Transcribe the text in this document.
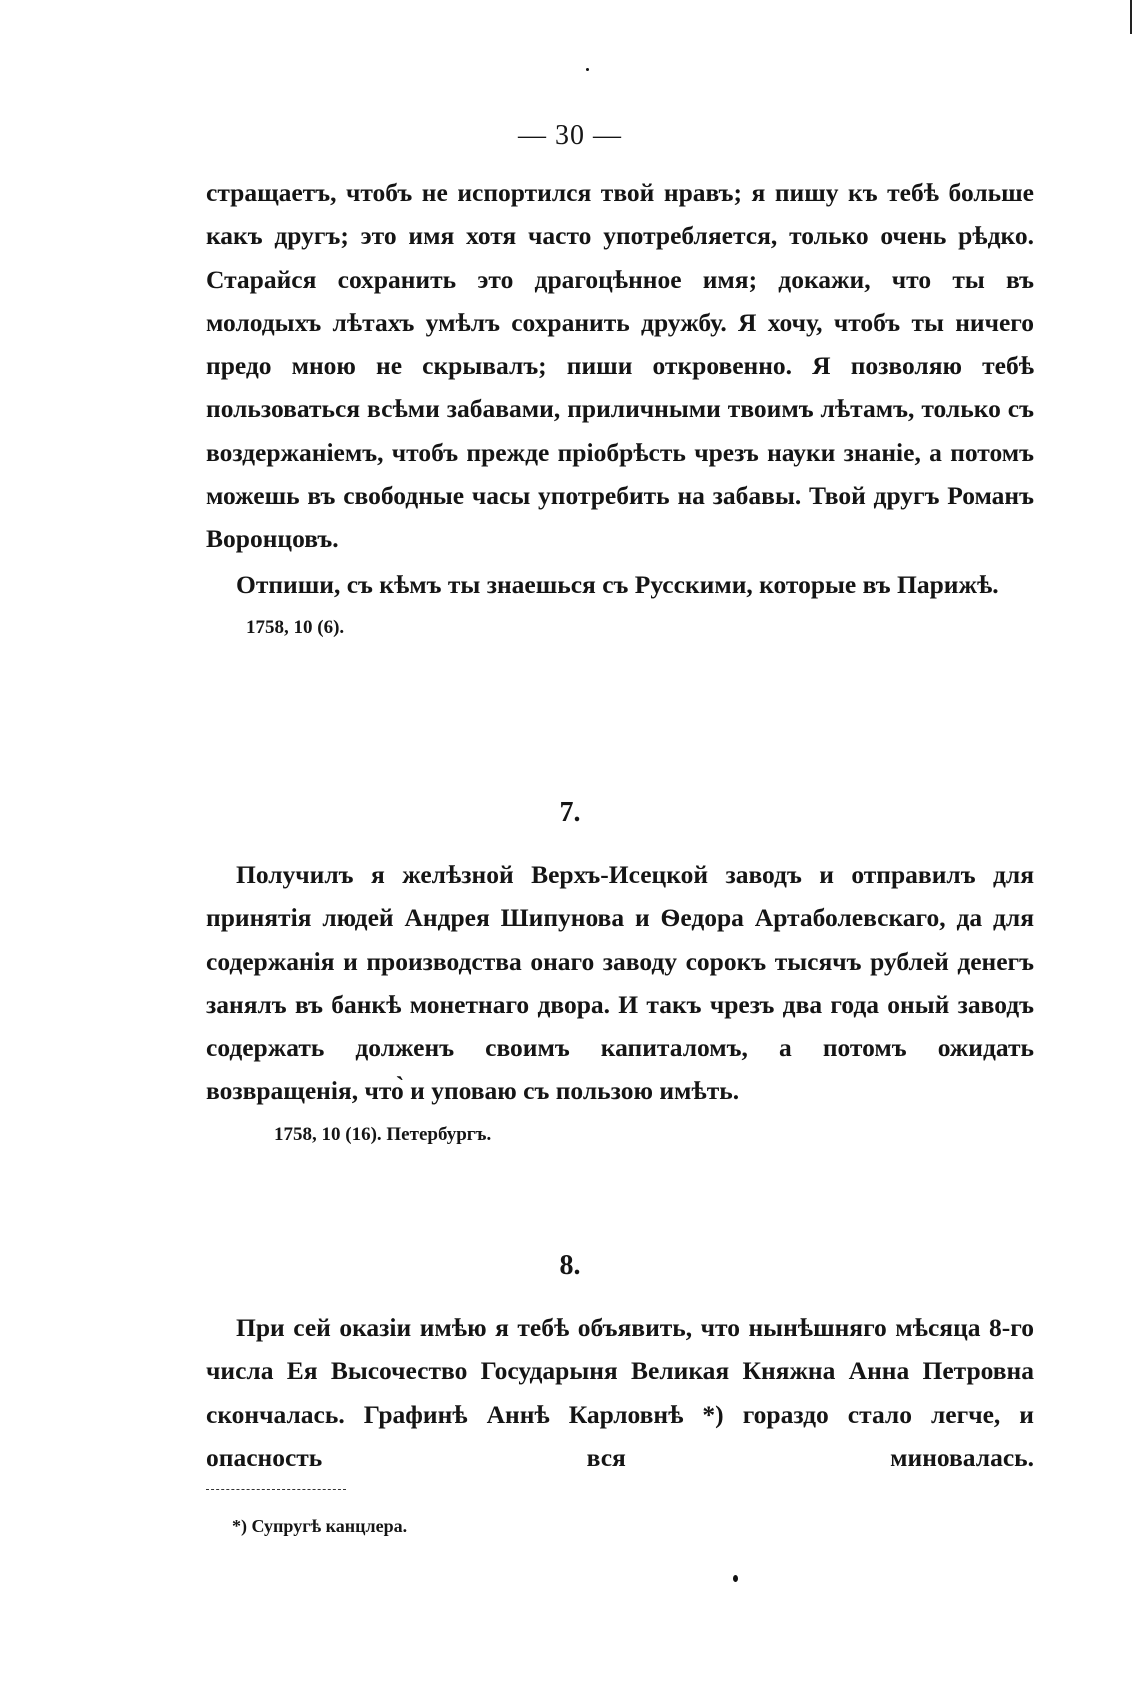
— 30 —

стращаетъ, чтобъ не испортился твой нравъ; я пишу къ тебѣ больше какъ другъ; это имя хотя часто употребляется, только очень рѣдко. Старайся сохранить это драгоцѣнное имя; докажи, что ты въ молодыхъ лѣтахъ умѣлъ сохранить дружбу. Я хочу, чтобъ ты ничего предо мною не скрывалъ; пиши откровенно. Я позволяю тебѣ пользоваться всѣми забавами, приличными твоимъ лѣтамъ, только съ воздержаніемъ, чтобъ прежде пріобрѣсть чрезъ науки знаніе, а потомъ можешь въ свободные часы употребить на забавы. Твой другъ Романъ Воронцовъ.

Отпиши, съ кѣмъ ты знаешься съ Русскими, которые въ Парижѣ.

1758, 10 (6).

7.

Получилъ я желѣзной Верхъ-Исецкой заводъ и отправилъ для принятія людей Андрея Шипунова и Ѳедора Артаболевскаго, да для содержанія и производства онаго заводу сорокъ тысячъ рублей денегъ занялъ въ банкѣ монетнаго двора. И такъ чрезъ два года оный заводъ содержать долженъ своимъ капиталомъ, а потомъ ожидать возвращенія, что̀ и уповаю съ пользою имѣть.

1758, 10 (16). Петербургъ.

8.

При сей оказіи имѣю я тебѣ объявить, что нынѣшняго мѣсяца 8-го числа Ея Высочество Государыня Великая Княжна Анна Петровна скончалась. Графинѣ Аннѣ Карловнѣ *) гораздо стало легче, и опасность вся миновалась.

*) Супругѣ канцлера.
